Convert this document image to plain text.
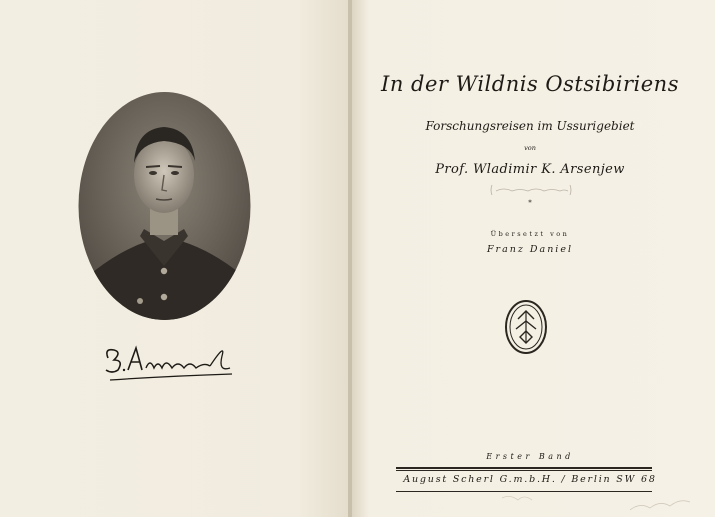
In der Wildnis Ostsibiriens
Forschungsreisen im Ussurigebiet
von
Prof. Wladimir K. Arsenjew
*
Übersetzt von
Franz Daniel
Erster Band
August Scherl G.m.b.H. / Berlin SW 68
